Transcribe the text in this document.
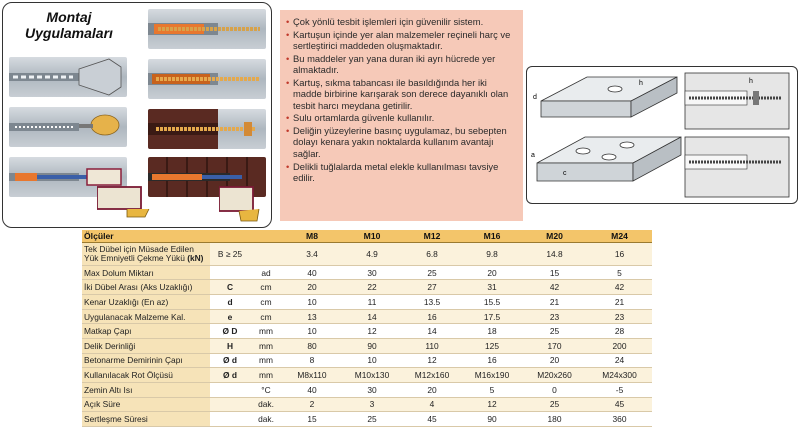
Montaj
Uygulamaları
• Çok yönlü tesbit işlemleri için güvenilir sistem.
• Kartuşun içinde yer alan malzemeler reçineli harç ve sertleştirici maddeden oluşmaktadır.
• Bu maddeler yan yana duran iki ayrı hücrede yer almaktadır.
• Kartuş, sıkma tabancası ile basıldığında her iki madde birbirine karışarak son derece dayanıklı olan tesbit harcı meydana getirilir.
• Sulu ortamlarda güvenle kullanılır.
• Deliğin yüzeylerine basınç uygulamaz, bu sebepten dolayı kenara yakın noktalarda kullanım avantajı sağlar.
• Delikli tuğlalarda metal elekle kullanılması tavsiye edilir.
d
h
a
c
h
Ölçüler			M8	M10	M12	M16	M20	M24

Tek Dübel için Müsade Edilen Yük Emniyetli Çekme Yükü (kN)	B ≥ 25		3.4	4.9	6.8	9.8	14.8	16
Max Dolum Miktarı		ad	40	30	25	20	15	5
İki Dübel Arası (Aks Uzaklığı)	C	cm	20	22	27	31	42	42
Kenar Uzaklığı (En az)	d	cm	10	11	13.5	15.5	21	21
Uygulanacak Malzeme Kal.	e	cm	13	14	16	17.5	23	23
Matkap Çapı	Ø D	mm	10	12	14	18	25	28
Delik Derinliği	H	mm	80	90	110	125	170	200
Betonarme Demirinin Çapı	Ø d	mm	8	10	12	16	20	24
Kullanılacak Rot Ölçüsü	Ø d	mm	M8x110	M10x130	M12x160	M16x190	M20x260	M24x300
Zemin Altı Isı		°C	40	30	20	5	0	-5
Açık Süre		dak.	2	3	4	12	25	45
Sertleşme Süresi		dak.	15	25	45	90	180	360
